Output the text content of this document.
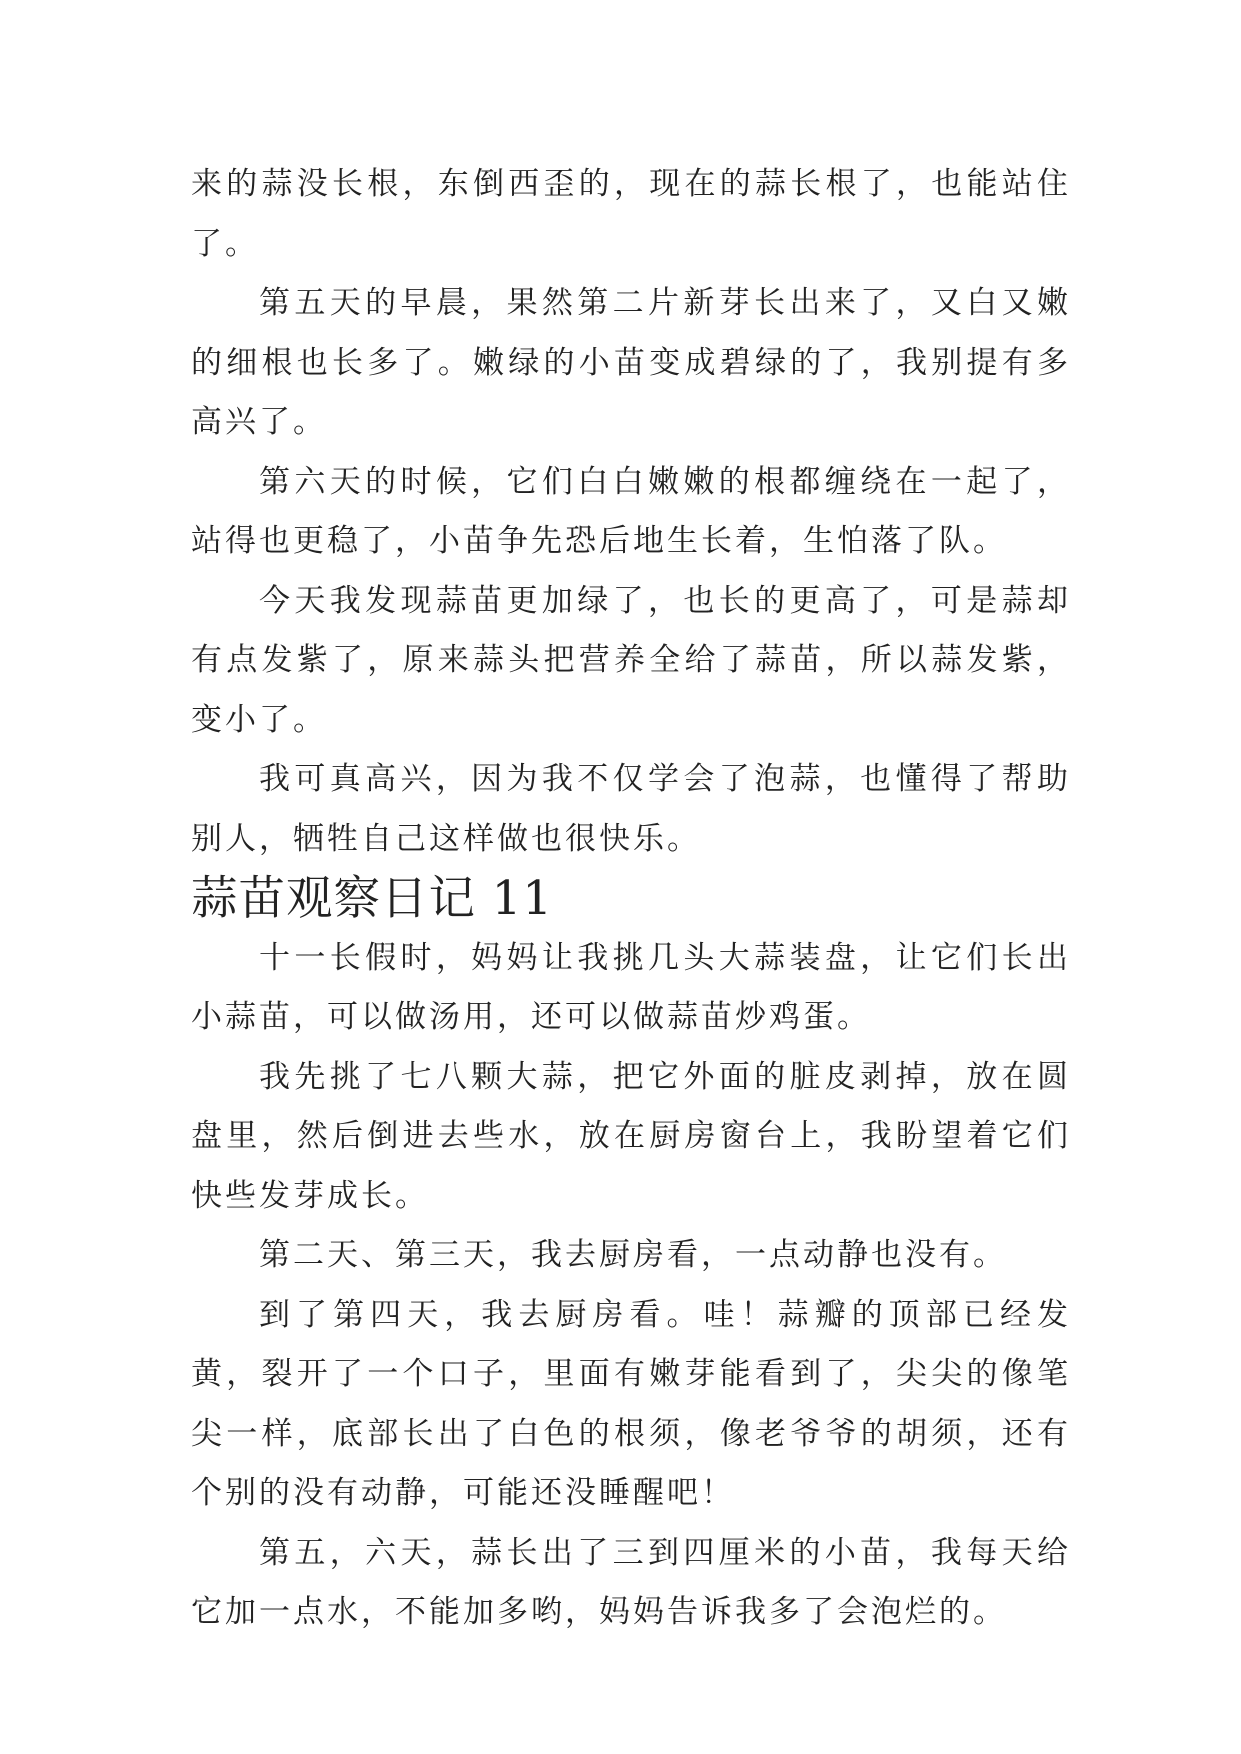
来的蒜没长根，东倒西歪的，现在的蒜长根了，也能站住了。

第五天的早晨，果然第二片新芽长出来了，又白又嫩的细根也长多了。嫩绿的小苗变成碧绿的了，我别提有多高兴了。

第六天的时候，它们白白嫩嫩的根都缠绕在一起了，站得也更稳了，小苗争先恐后地生长着，生怕落了队。

今天我发现蒜苗更加绿了，也长的更高了，可是蒜却有点发紫了，原来蒜头把营养全给了蒜苗，所以蒜发紫，变小了。

我可真高兴，因为我不仅学会了泡蒜，也懂得了帮助别人，牺牲自己这样做也很快乐。

蒜苗观察日记 11

十一长假时，妈妈让我挑几头大蒜装盘，让它们长出小蒜苗，可以做汤用，还可以做蒜苗炒鸡蛋。

我先挑了七八颗大蒜，把它外面的脏皮剥掉，放在圆盘里，然后倒进去些水，放在厨房窗台上，我盼望着它们快些发芽成长。

第二天、第三天，我去厨房看，一点动静也没有。

到了第四天，我去厨房看。哇！蒜瓣的顶部已经发黄，裂开了一个口子，里面有嫩芽能看到了，尖尖的像笔尖一样，底部长出了白色的根须，像老爷爷的胡须，还有个别的没有动静，可能还没睡醒吧！

第五，六天，蒜长出了三到四厘米的小苗，我每天给它加一点水，不能加多哟，妈妈告诉我多了会泡烂的。
